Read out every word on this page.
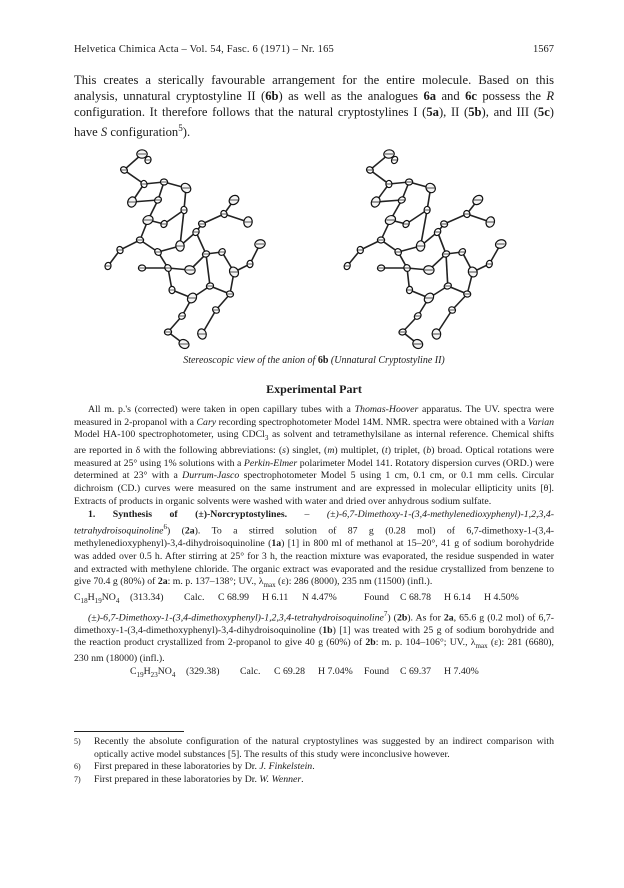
Helvetica Chimica Acta – Vol. 54, Fasc. 6 (1971) – Nr. 165	1567

This creates a sterically favourable arrangement for the entire molecule. Based on this analysis, unnatural cryptostyline II (6b) as well as the analogues 6a and 6c possess the R configuration. It therefore follows that the natural cryptostylines I (5a), II (5b), and III (5c) have S configuration$^5$).

Stereoscopic view of the anion of 6b (Unnatural Cryptostyline II)

Experimental Part

All m. p.'s (corrected) were taken in open capillary tubes with a Thomas-Hoover apparatus. The UV. spectra were measured in 2-propanol with a Cary recording spectrophotometer Model 14M. NMR. spectra were obtained with a Varian Model HA-100 spectrophotometer, using CDCl$_3$ as solvent and tetramethylsilane as internal reference. Chemical shifts are reported in δ with the following abbreviations: (s) singlet, (m) multiplet, (t) triplet, (b) broad. Optical rotations were measured at 25° using 1% solutions with a Perkin-Elmer polarimeter Model 141. Rotatory dispersion curves (ORD.) were determined at 23° with a Durrum-Jasco spectrophotometer Model 5 using 1 cm, 0.1 cm, or 0.1 mm cells. Circular dichroism (CD.) curves were measured on the same instrument and are expressed in molecular ellipticity units [θ]. Extracts of products in organic solvents were washed with water and dried over anhydrous sodium sulfate.

1. Synthesis of (±)-Norcryptostylines. – (±)-6,7-Dimethoxy-1-(3,4-methylenedioxyphenyl)-1,2,3,4-tetrahydroisoquinoline$^6$) (2a). To a stirred solution of 87 g (0.28 mol) of 6,7-dimethoxy-1-(3,4-methylenedioxyphenyl)-3,4-dihydroisoquinoline (1a) [1] in 800 ml of methanol at 15–20°, 41 g of sodium borohydride was added over 0.5 h. After stirring at 25° for 3 h, the reaction mixture was evaporated, the residue suspended in water and extracted with methylene chloride. The organic extract was evaporated and the residue crystallized from benzene to give 70.4 g (80%) of 2a: m. p. 137–138°; UV., $\lambda_{max}$ (ε): 286 (8000), 235 nm (11500) (infl.).

$C_{18}H_{19}NO_4$	(313.34)	Calc.	C 68.99	H 6.11	N 4.47%	Found	C 68.78	H 6.14	H 4.50%

(±)-6,7-Dimethoxy-1-(3,4-dimethoxyphenyl)-1,2,3,4-tetrahydroisoquinoline$^7$) (2b). As for 2a, 65.6 g (0.2 mol) of 6,7-dimethoxy-1-(3,4-dimethoxyphenyl)-3,4-dihydroisoquinoline (1b) [1] was treated with 25 g of sodium borohydride and the reaction product crystallized from 2-propanol to give 40 g (60%) of 2b: m. p. 104–106°; UV., $\lambda_{max}$ (ε): 281 (6680), 230 nm (18000) (infl.).

$C_{19}H_{23}NO_4$	(329.38)	Calc.	C 69.28	H 7.04%	Found	C 69.37	H 7.40%
5)	Recently the absolute configuration of the natural cryptostylines was suggested by an indirect comparison with optically active model substances [5]. The results of this study were inconclusive however.
6)	First prepared in these laboratories by Dr. J. Finkelstein.
7)	First prepared in these laboratories by Dr. W. Wenner.
